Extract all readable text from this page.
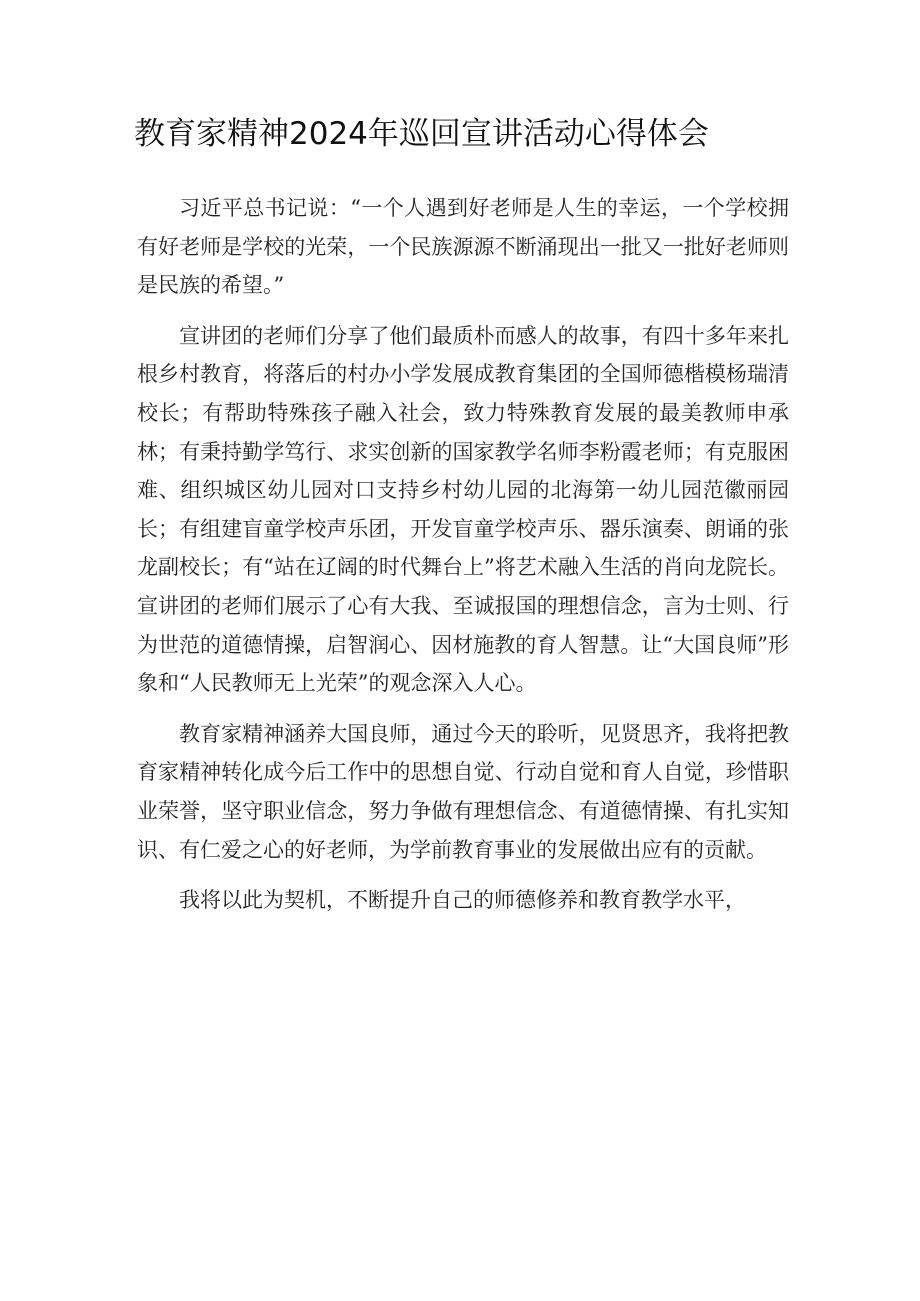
教育家精神2024年巡回宣讲活动心得体会

习近平总书记说：“一个人遇到好老师是人生的幸运，一个学校拥有好老师是学校的光荣，一个民族源源不断涌现出一批又一批好老师则是民族的希望。”

宣讲团的老师们分享了他们最质朴而感人的故事，有四十多年来扎根乡村教育，将落后的村办小学发展成教育集团的全国师德楷模杨瑞清校长；有帮助特殊孩子融入社会，致力特殊教育发展的最美教师申承林；有秉持勤学笃行、求实创新的国家教学名师李粉霞老师；有克服困难、组织城区幼儿园对口支持乡村幼儿园的北海第一幼儿园范徽丽园长；有组建盲童学校声乐团，开发盲童学校声乐、器乐演奏、朗诵的张龙副校长；有“站在辽阔的时代舞台上”将艺术融入生活的肖向龙院长。宣讲团的老师们展示了心有大我、至诚报国的理想信念，言为士则、行为世范的道德情操，启智润心、因材施教的育人智慧。让“大国良师”形象和“人民教师无上光荣”的观念深入人心。

教育家精神涵养大国良师，通过今天的聆听，见贤思齐，我将把教育家精神转化成今后工作中的思想自觉、行动自觉和育人自觉，珍惜职业荣誉，坚守职业信念，努力争做有理想信念、有道德情操、有扎实知识、有仁爱之心的好老师，为学前教育事业的发展做出应有的贡献。

我将以此为契机，不断提升自己的师德修养和教育教学水平，
